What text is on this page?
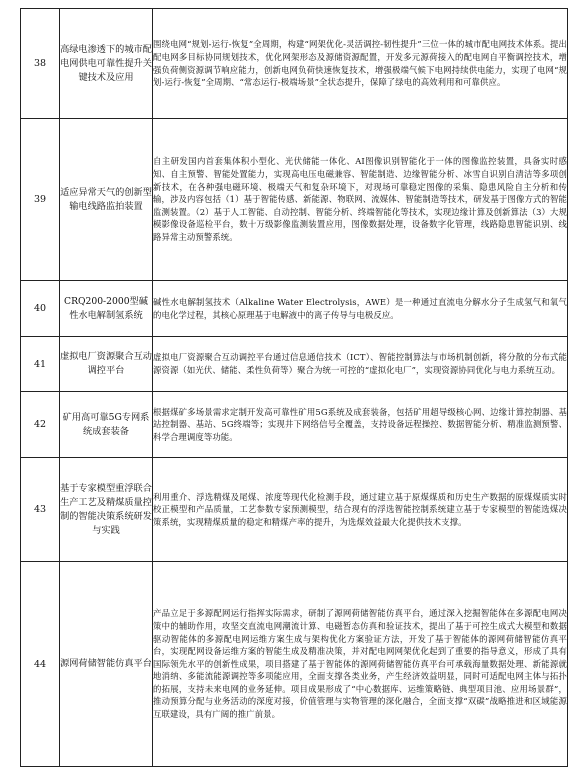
38	高绿电渗透下的城市配电网供电可靠性提升关键技术及应用	围绕电网“规划-运行-恢复”全周期，构建“网架优化-灵活调控-韧性提升”三位一体的城市配电网技术体系。提出配电网多目标协同规划技术，优化网架形态及源储资源配置，开发多元源荷接入的配电网自平衡调控技术，增强负荷侧资源调节响应能力，创新电网负荷快速恢复技术，增强极端气候下电网持续供电能力，实现了电网“规划-运行-恢复”全周期、“常态运行-极端场景”全状态提升，保障了绿电的高效利用和可靠供应。
39	适应异常天气的创新型输电线路监拍装置	自主研发国内首套集体积小型化、光伏储能一体化、AI图像识别智能化于一体的图像监控装置，具备实时感知、自主预警、智能处置能力，实现高电压电磁兼容、智能制造、边缘智能分析、冰雪自识别自清洁等多项创新技术，在各种强电磁环境、极端天气和复杂环境下，对现场可靠稳定图像的采集、隐患风险自主分析和传输，涉及内容包括（1）基于智能传感、新能源、物联网、流媒体、智能制造等技术，研发基于图像方式的智能监测装置。（2）基于人工智能、自动控制、智能分析、终端智能化等技术，实现边缘计算及创新算法（3）大规模影像设备巡检平台，数十万级影像监测装置应用，图像数据处理，设备数字化管理，线路隐患智能识别、线路异常主动预警系统。
40	CRQ200-2000型碱性水电解制氢系统	碱性水电解制氢技术（Alkaline Water Electrolysis，AWE）是一种通过直流电分解水分子生成氢气和氧气的电化学过程，其核心原理基于电解液中的离子传导与电极反应。
41	虚拟电厂资源聚合互动调控平台	虚拟电厂资源聚合互动调控平台通过信息通信技术（ICT）、智能控制算法与市场机制创新，将分散的分布式能源资源（如光伏、储能、柔性负荷等）聚合为统一可控的“虚拟化电厂”，实现资源协同优化与电力系统互动。
42	矿用高可靠5G专网系统成套装备	根据煤矿多场景需求定制开发高可靠性矿用5G系统及成套装备，包括矿用超导级核心网、边缘计算控制器、基站控制器、基站、5G终端等；实现井下网络信号全覆盖，支持设备远程操控、数据智能分析、精准监测预警、科学合理调度等功能。
43	基于专家模型重浮联合生产工艺及精煤质量控制的智能决策系统研发与实践	利用重介、浮选精煤及尾煤、浓度等现代化检测手段，通过建立基于原煤煤质和历史生产数据的原煤煤质实时校正模型和产品质量，工艺参数专家预测模型，结合现有的浮选智能控制系统建立基于专家模型的智能选煤决策系统，实现精煤质量的稳定和精煤产率的提升，为选煤效益最大化提供技术支撑。
44	源网荷储智能仿真平台	产品立足于多源配网运行指挥实际需求，研制了源网荷储智能仿真平台，通过深入挖掘智能体在多源配电网决策中的辅助作用，攻坚交直流电网潮流计算、电磁暂态仿真和验证技术，提出了基于可控生成式大模型和数据驱动智能体的多源配电网运维方案生成与架构优化方案验证方法，开发了基于智能体的源网荷储智能仿真平台，实现配网设备运维方案的智能生成及精准决策，并对配电网网架优化起到了重要的指导意义，形成了具有国际领先水平的创新性成果，项目搭建了基于智能体的源网荷储智能仿真平台可承载海量数据处理、新能源就地消纳、多能流能源调控等多项能应用，全面支撑各类业务，产生经济效益明显，同时可适配电网主体与拓扑的拓展，支持未来电网的业务延伸。项目成果形成了“中心数据库、运维策略链、典型项目池、应用场景群”，推动预算分配与业务活动的深度对接，价值管理与实物管理的深化融合，全面支撑“双碳”战略推进和区域能源互联建设，具有广阔的推广前景。
